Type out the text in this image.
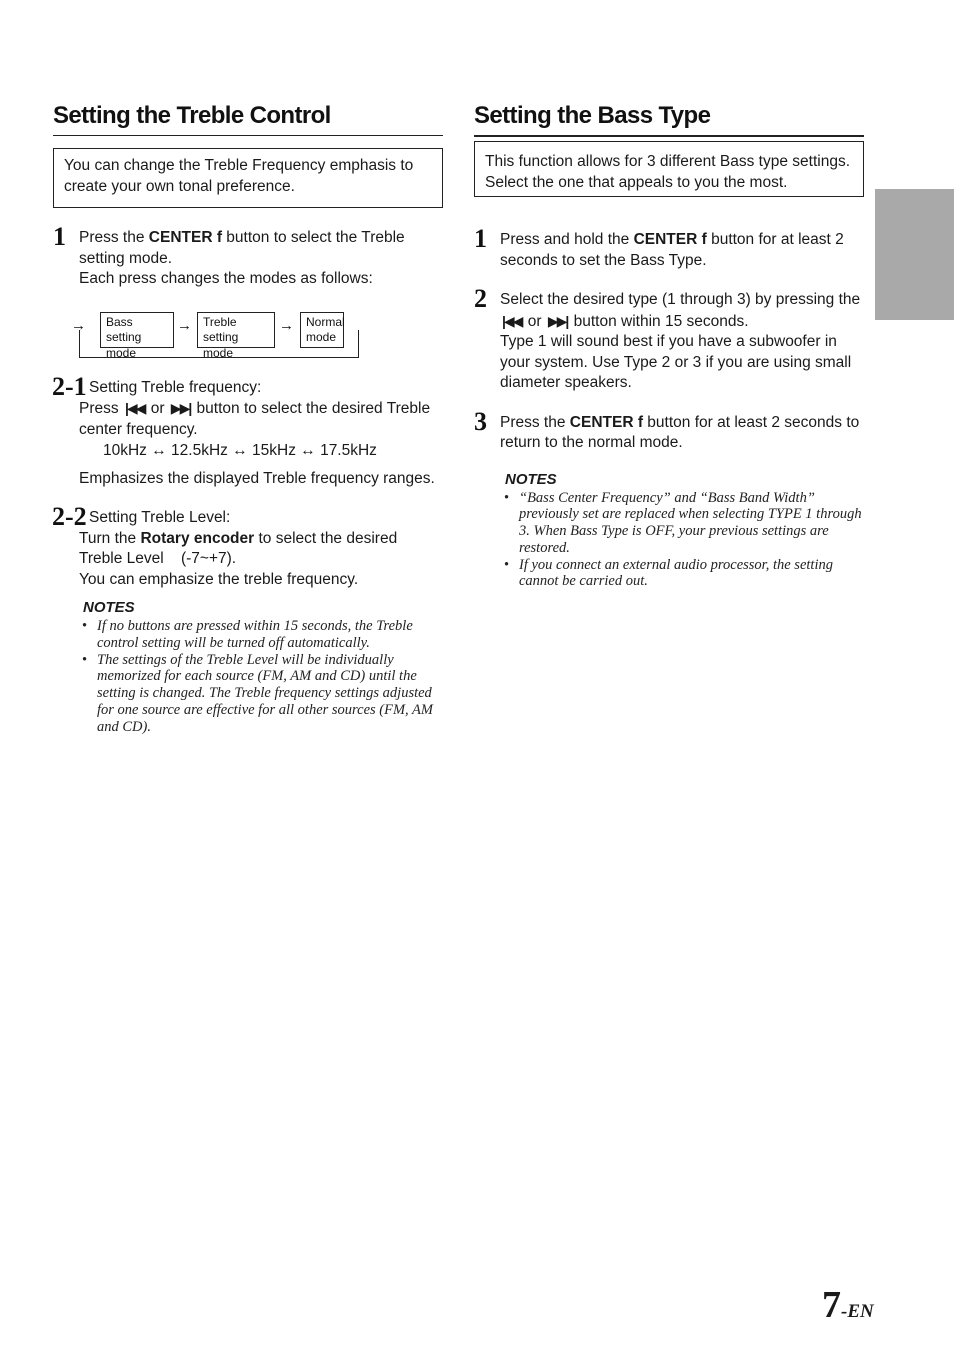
Setting the Treble Control
You can change the Treble Frequency emphasis to create your own tonal preference.
1 Press the CENTER f button to select the Treble setting mode.

Each press changes the modes as follows:

→	Bass setting mode
→ Treble setting mode
→	Normal mode
2-1 Setting Treble frequency:

Press |◀◀ or ▶▶| button to select the desired Treble center frequency.

10kHz ↔ 12.5kHz ↔ 15kHz ↔ 17.5kHz

Emphasizes the displayed Treble frequency ranges.

2-2 Setting Treble Level:

Turn the Rotary encoder to select the desired Treble Level (-7~+7).

You can emphasize the treble frequency.

NOTES
• If no buttons are pressed within 15 seconds, the Treble control setting will be turned off automatically.
• The settings of the Treble Level will be individually memorized for each source (FM, AM and CD) until the setting is changed. The Treble frequency settings adjusted for one source are effective for all other sources (FM, AM and CD).
Setting the Bass Type
This function allows for 3 different Bass type settings. Select the one that appeals to you the most.
1 Press and hold the CENTER f button for at least 2 seconds to set the Bass Type.

2 Select the desired type (1 through 3) by pressing the |◀◀ or ▶▶| button within 15 seconds.

Type 1 will sound best if you have a subwoofer in your system. Use Type 2 or 3 if you are using small diameter speakers.

3 Press the CENTER f button for at least 2 seconds to return to the normal mode.

NOTES
• “Bass Center Frequency” and “Bass Band Width” previously set are replaced when selecting TYPE 1 through 3. When Bass Type is OFF, your previous settings are restored.
• If you connect an external audio processor, the setting cannot be carried out.
7-EN
